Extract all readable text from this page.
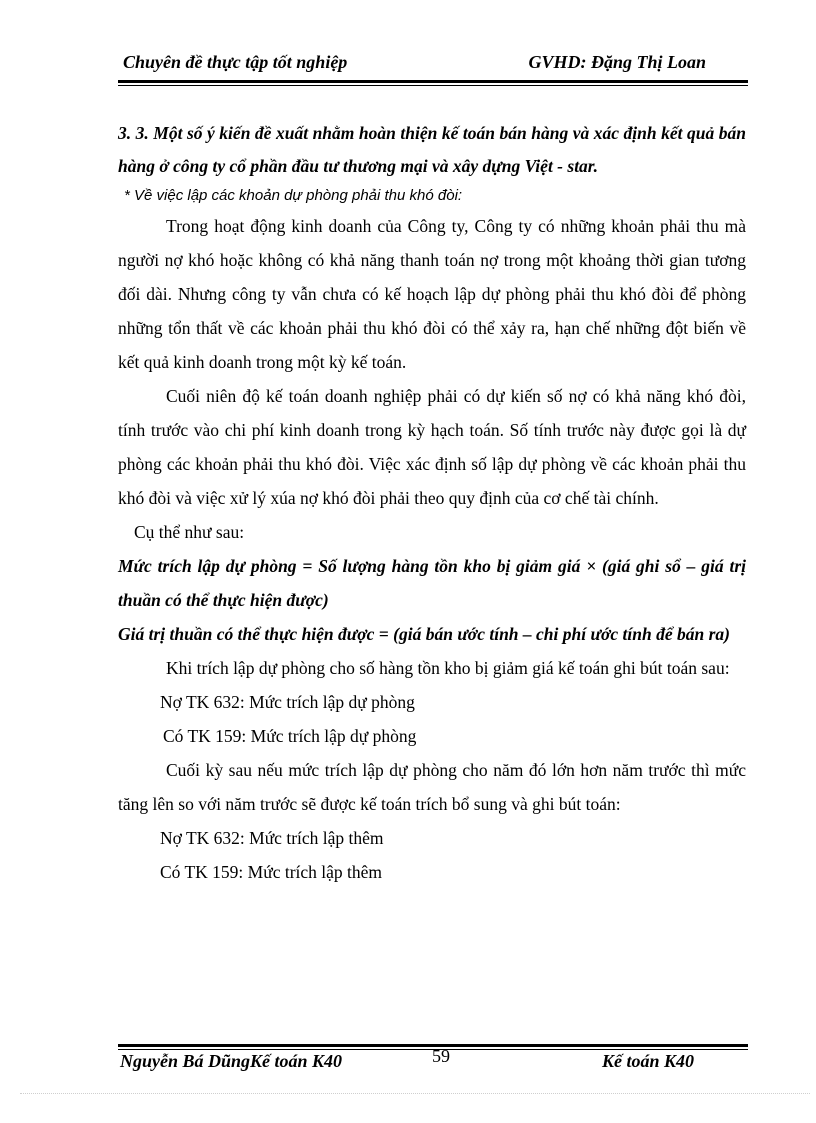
Chuyên đề thực tập tốt nghiệp	GVHD: Đặng Thị Loan
3. 3. Một số ý kiến đề xuất nhằm hoàn thiện kế toán bán hàng và xác định kết quả bán hàng ở công ty cổ phần đầu tư thương mại và xây dựng Việt - star.
* Về việc lập các khoản dự phòng phải thu khó đòi:
Trong hoạt động kinh doanh của Công ty, Công ty có những khoản phải thu mà người nợ khó hoặc không có khả năng thanh toán nợ trong một khoảng thời gian tương đối dài. Nhưng công ty vẫn chưa có kế hoạch lập dự phòng phải thu khó đòi để phòng những tổn thất về các khoản phải thu khó đòi có thể xảy ra, hạn chế những đột biến về kết quả kinh doanh trong một kỳ kế toán.
Cuối niên độ kế toán doanh nghiệp phải có dự kiến số nợ có khả năng khó đòi, tính trước vào chi phí kinh doanh trong kỳ hạch toán. Số tính trước này được gọi là dự phòng các khoản phải thu khó đòi. Việc xác định số lập dự phòng về các khoản phải thu khó đòi và việc xử lý xúa nợ khó đòi phải theo quy định của cơ chế tài chính.
Cụ thể như sau:
Mức trích lập dự phòng = Số lượng hàng tồn kho bị giảm giá × (giá ghi sổ – giá trị thuần có thể thực hiện được)
Giá trị thuần có thể thực hiện được = (giá bán ước tính – chi phí ước tính để bán ra)
Khi trích lập dự phòng cho số hàng tồn kho bị giảm giá kế toán ghi bút toán sau:
Nợ TK 632: Mức trích lập dự phòng
Có TK 159: Mức trích lập dự phòng
Cuối kỳ sau nếu mức trích lập dự phòng cho năm đó lớn hơn năm trước thì mức tăng lên so với năm trước sẽ được kế toán trích bổ sung và ghi bút toán:
Nợ TK 632: Mức trích lập thêm
Có TK 159: Mức trích lập thêm
Nguyễn Bá DũngKế toán K40	59	Kế toán K40
